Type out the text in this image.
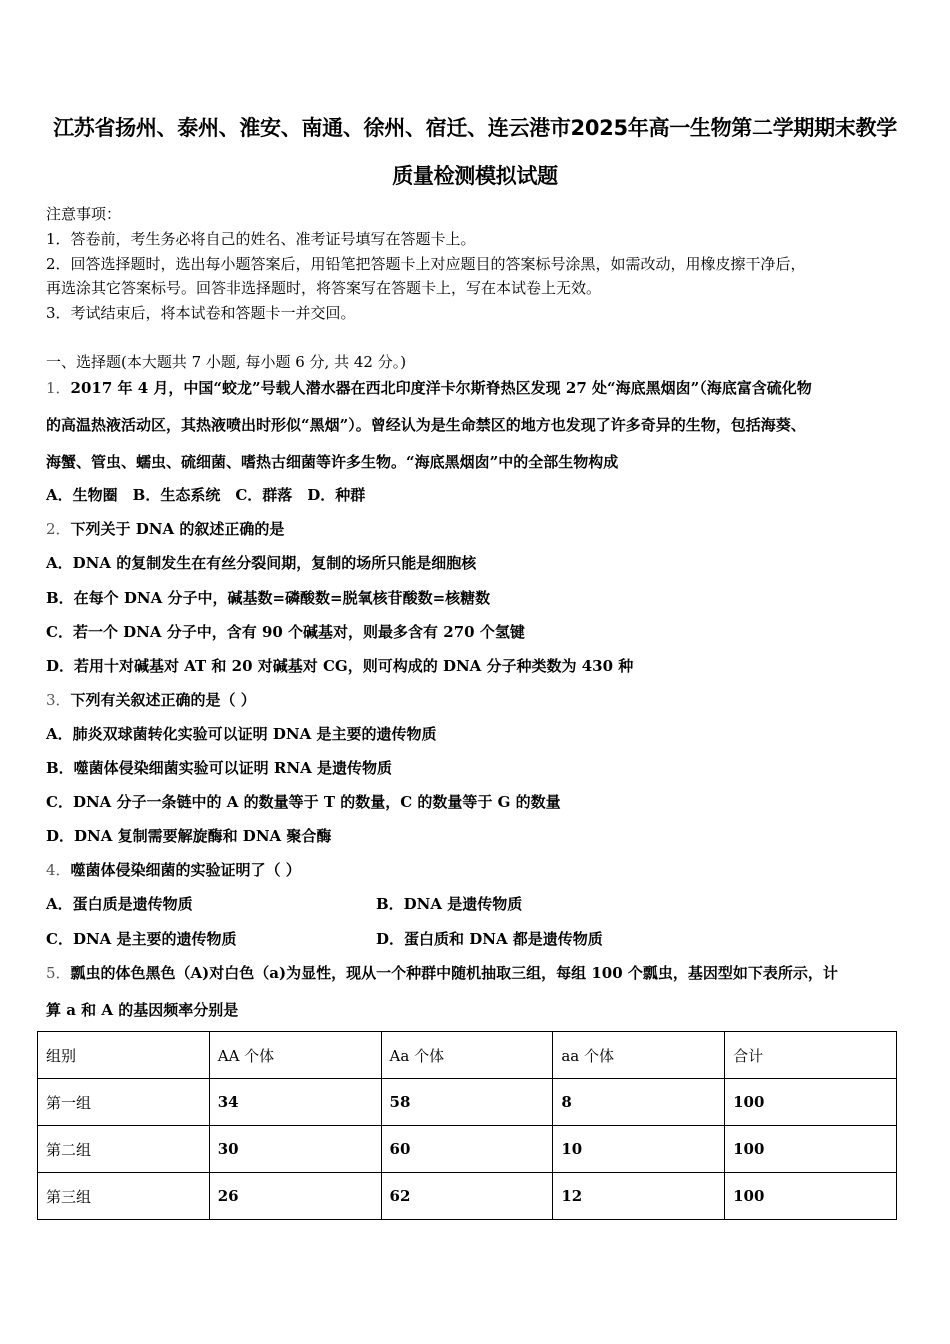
江苏省扬州、泰州、淮安、南通、徐州、宿迁、连云港市2025年高一生物第二学期期末教学
质量检测模拟试题
注意事项：
1．答卷前，考生务必将自己的姓名、准考证号填写在答题卡上。
2．回答选择题时，选出每小题答案后，用铅笔把答题卡上对应题目的答案标号涂黑，如需改动，用橡皮擦干净后，
再选涂其它答案标号。回答非选择题时，将答案写在答题卡上，写在本试卷上无效。
3．考试结束后，将本试卷和答题卡一并交回。
一、选择题(本大题共 7 小题, 每小题 6 分, 共 42 分。)
1．2017 年 4 月，中国“蛟龙”号载人潜水器在西北印度洋卡尔斯脊热区发现 27 处“海底黑烟囱”（海底富含硫化物
的高温热液活动区，其热液喷出时形似“黑烟”）。曾经认为是生命禁区的地方也发现了许多奇异的生物，包括海葵、
海蟹、管虫、蠕虫、硫细菌、嗜热古细菌等许多生物。“海底黑烟囱”中的全部生物构成
A．生物圈　B．生态系统　C．群落　D．种群
2．下列关于 DNA 的叙述正确的是
A．DNA 的复制发生在有丝分裂间期，复制的场所只能是细胞核
B．在每个 DNA 分子中，碱基数=磷酸数=脱氧核苷酸数=核糖数
C．若一个 DNA 分子中，含有 90 个碱基对，则最多含有 270 个氢键
D．若用十对碱基对 AT 和 20 对碱基对 CG，则可构成的 DNA 分子种类数为 430 种
3．下列有关叙述正确的是（ ）
A．肺炎双球菌转化实验可以证明 DNA 是主要的遗传物质
B．噬菌体侵染细菌实验可以证明 RNA 是遗传物质
C．DNA 分子一条链中的 A 的数量等于 T 的数量，C 的数量等于 G 的数量
D．DNA 复制需要解旋酶和 DNA 聚合酶
4．噬菌体侵染细菌的实验证明了（ ）
A．蛋白质是遗传物质	B．DNA 是遗传物质
C．DNA 是主要的遗传物质	D．蛋白质和 DNA 都是遗传物质
5．瓢虫的体色黑色（A)对白色（a)为显性，现从一个种群中随机抽取三组，每组 100 个瓢虫，基因型如下表所示，计
算 a 和 A 的基因频率分别是
组别	AA 个体	Aa 个体	aa 个体	合计
第一组	34	58	8	100
第二组	30	60	10	100
第三组	26	62	12	100
